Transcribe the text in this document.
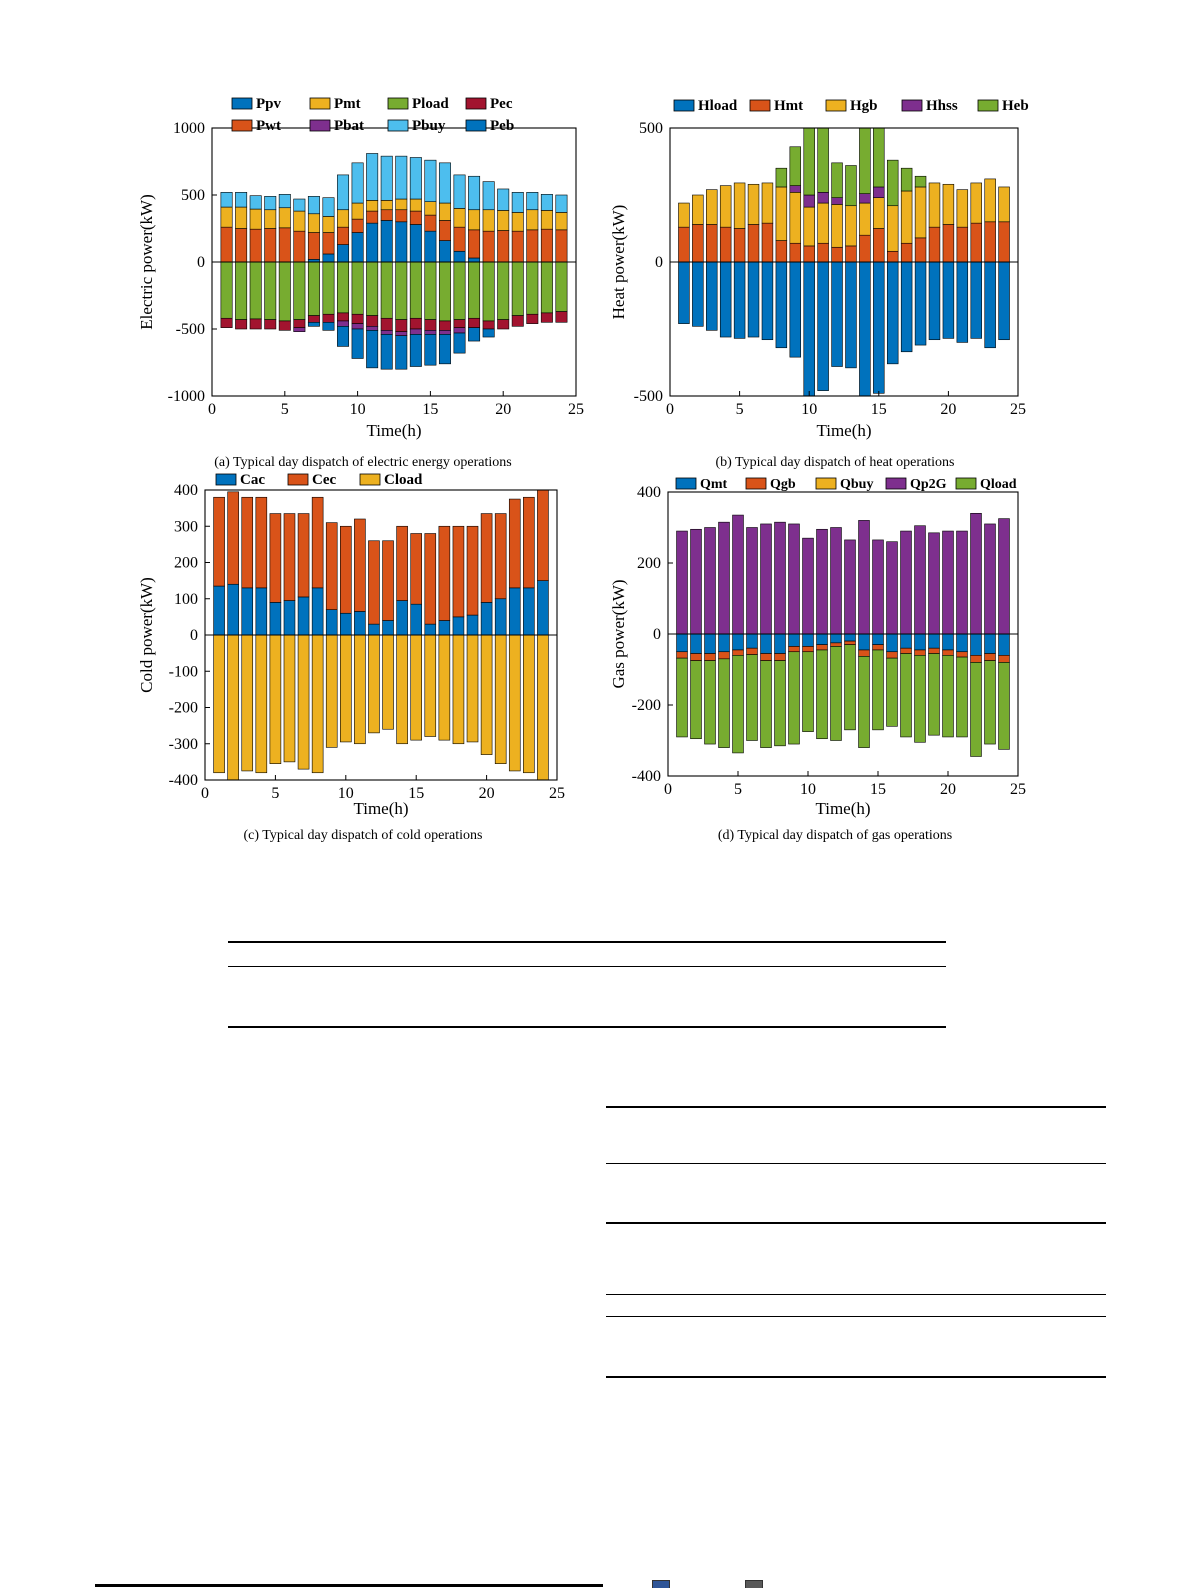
0	5	10	15	20	25
-1000
-500
0
500
1000
Time(h)
Electric power(kW)
Ppv	Pmt	Pload	Pec
Pwt	Pbat	Pbuy	Peb
(a) Typical day dispatch of electric energy operations
0	5	10	15	20	25
-500
0
500
Time(h)
Heat power(kW)
Hload Hmt	Hgb	Hhss	Heb
(b) Typical day dispatch of heat operations
0	5	10	15	20	25
-400
-300
-200
-100
0
100
200
300
400
Time(h)
Cold power(kW)
Cac	Cec	Cload
(c) Typical day dispatch of cold operations
0	5	10	15	20	25
-400
-200
0
200
400
Time(h)
Gas power(kW)
Qmt	Qgb	Qbuy	Qp2G Qload
(d) Typical day dispatch of gas operations
